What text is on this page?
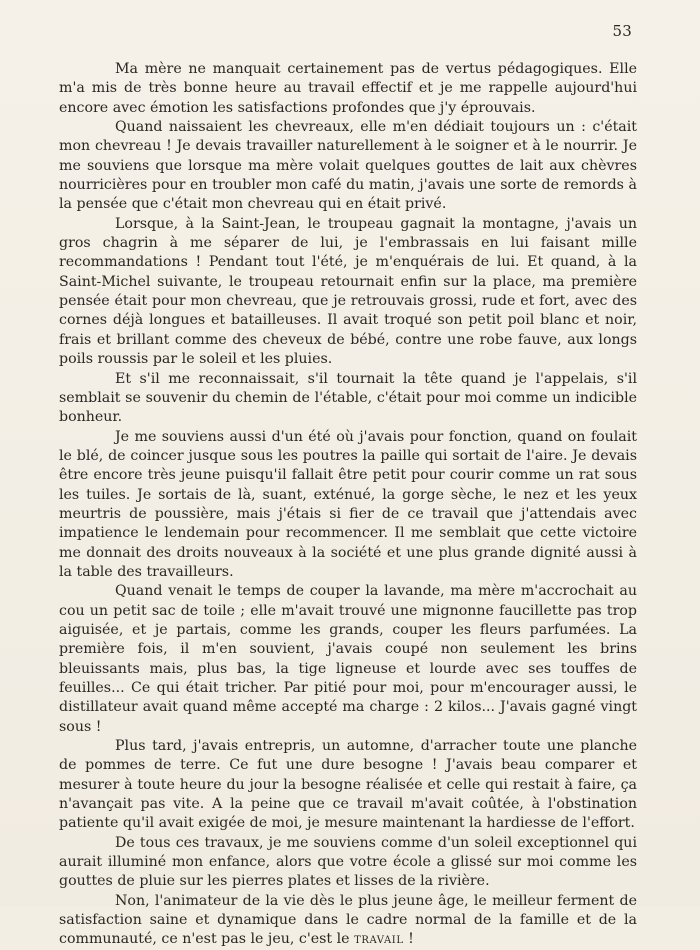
53

Ma mère ne manquait certainement pas de vertus pédagogiques. Elle m'a mis de très bonne heure au travail effectif et je me rappelle aujourd'hui encore avec émotion les satisfactions profondes que j'y éprouvais.

Quand naissaient les chevreaux, elle m'en dédiait toujours un : c'était mon chevreau ! Je devais travailler naturellement à le soigner et à le nourrir. Je me souviens que lorsque ma mère volait quelques gouttes de lait aux chèvres nourricières pour en troubler mon café du matin, j'avais une sorte de remords à la pensée que c'était mon chevreau qui en était privé.

Lorsque, à la Saint-Jean, le troupeau gagnait la montagne, j'avais un gros chagrin à me séparer de lui, je l'embrassais en lui faisant mille recommandations ! Pendant tout l'été, je m'enquérais de lui. Et quand, à la Saint-Michel suivante, le troupeau retournait enfin sur la place, ma première pensée était pour mon chevreau, que je retrouvais grossi, rude et fort, avec des cornes déjà longues et batailleuses. Il avait troqué son petit poil blanc et noir, frais et brillant comme des cheveux de bébé, contre une robe fauve, aux longs poils roussis par le soleil et les pluies.

Et s'il me reconnaissait, s'il tournait la tête quand je l'appelais, s'il semblait se souvenir du chemin de l'étable, c'était pour moi comme un indicible bonheur.

Je me souviens aussi d'un été où j'avais pour fonction, quand on foulait le blé, de coincer jusque sous les poutres la paille qui sortait de l'aire. Je devais être encore très jeune puisqu'il fallait être petit pour courir comme un rat sous les tuiles. Je sortais de là, suant, exténué, la gorge sèche, le nez et les yeux meurtris de poussière, mais j'étais si fier de ce travail que j'attendais avec impatience le lendemain pour recommencer. Il me semblait que cette victoire me donnait des droits nouveaux à la société et une plus grande dignité aussi à la table des travailleurs.

Quand venait le temps de couper la lavande, ma mère m'accrochait au cou un petit sac de toile ; elle m'avait trouvé une mignonne faucillette pas trop aiguisée, et je partais, comme les grands, couper les fleurs parfumées. La première fois, il m'en souvient, j'avais coupé non seulement les brins bleuissants mais, plus bas, la tige ligneuse et lourde avec ses touffes de feuilles... Ce qui était tricher. Par pitié pour moi, pour m'encourager aussi, le distillateur avait quand même accepté ma charge : 2 kilos... J'avais gagné vingt sous !

Plus tard, j'avais entrepris, un automne, d'arracher toute une planche de pommes de terre. Ce fut une dure besogne ! J'avais beau comparer et mesurer à toute heure du jour la besogne réalisée et celle qui restait à faire, ça n'avançait pas vite. A la peine que ce travail m'avait coûtée, à l'obstination patiente qu'il avait exigée de moi, je mesure maintenant la hardiesse de l'effort.

De tous ces travaux, je me souviens comme d'un soleil exceptionnel qui aurait illuminé mon enfance, alors que votre école a glissé sur moi comme les gouttes de pluie sur les pierres plates et lisses de la rivière.

Non, l'animateur de la vie dès le plus jeune âge, le meilleur ferment de satisfaction saine et dynamique dans le cadre normal de la famille et de la communauté, ce n'est pas le jeu, c'est le travail !
